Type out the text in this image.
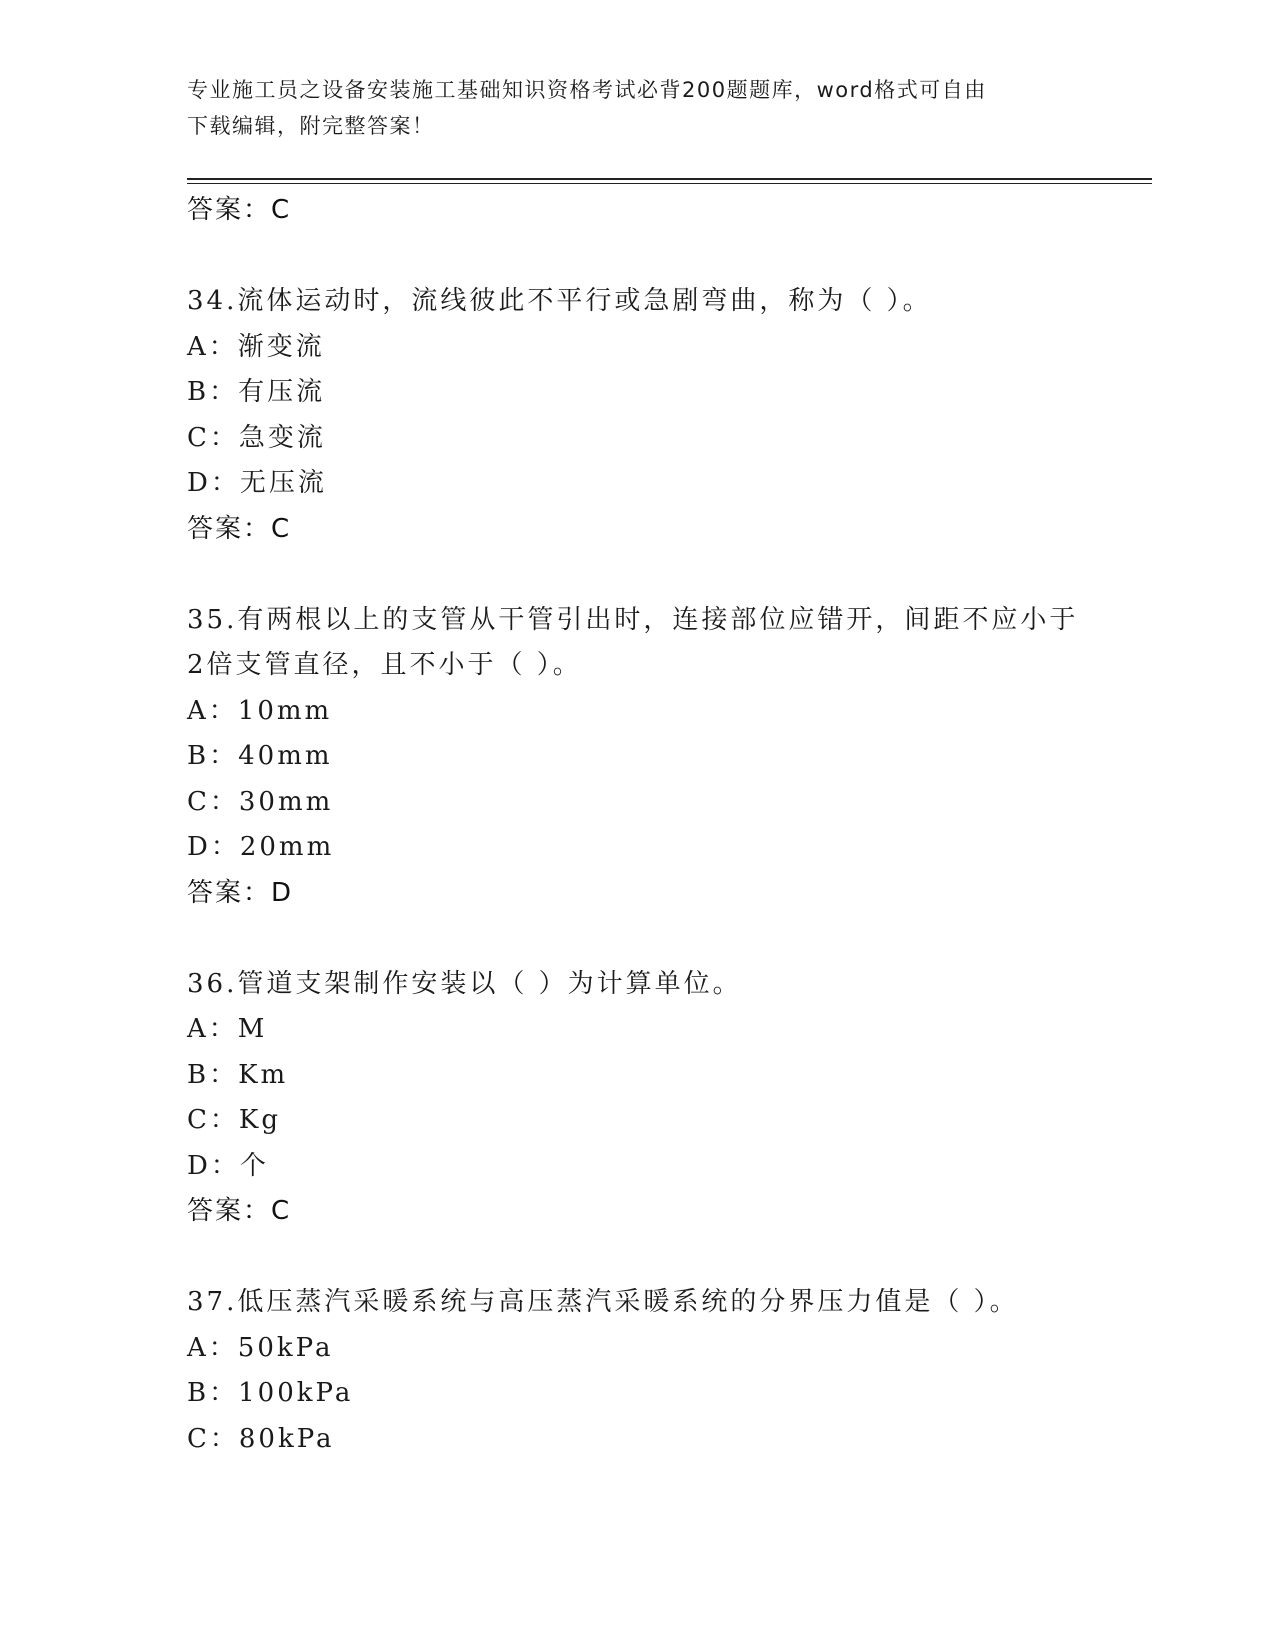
专业施工员之设备安装施工基础知识资格考试必背200题题库，word格式可自由
下载编辑，附完整答案！
答案：C
34.流体运动时，流线彼此不平行或急剧弯曲，称为（ ）。
A：渐变流
B：有压流
C：急变流
D：无压流
答案：C
35.有两根以上的支管从干管引出时，连接部位应错开，间距不应小于
2倍支管直径，且不小于（ ）。
A：10mm
B：40mm
C：30mm
D：20mm
答案：D
36.管道支架制作安装以（ ）为计算单位。
A：M
B：Km
C：Kg
D：个
答案：C
37.低压蒸汽采暖系统与高压蒸汽采暖系统的分界压力值是（ ）。
A：50kPa
B：100kPa
C：80kPa
